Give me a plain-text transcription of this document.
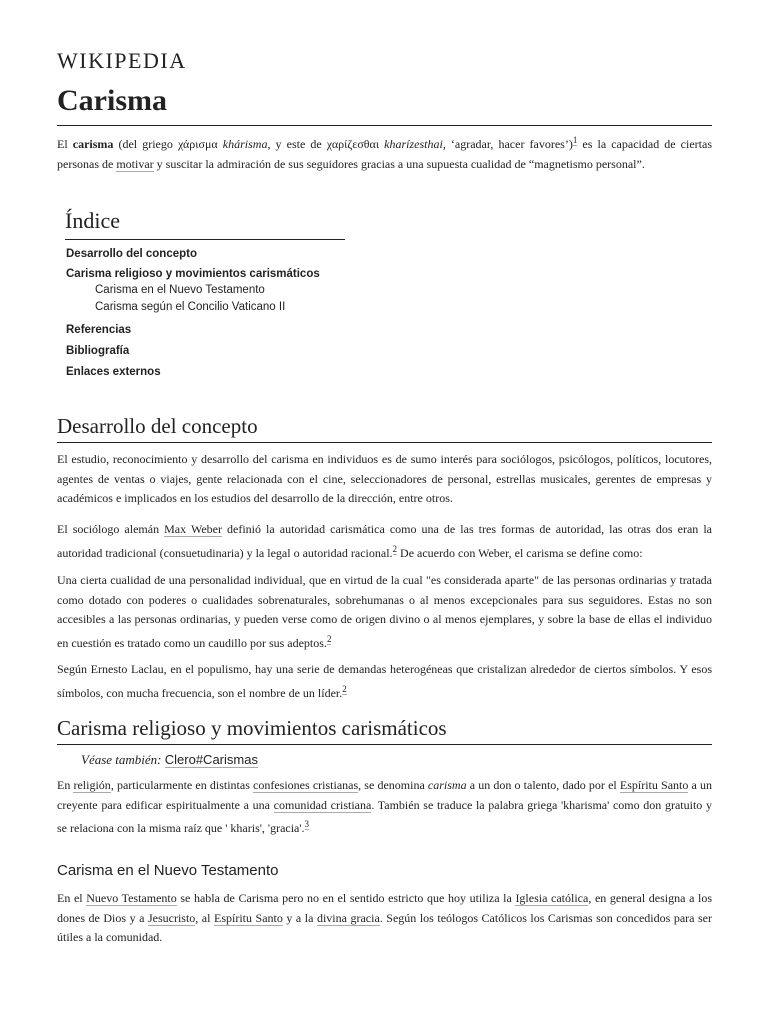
WIKIPEDIA
Carisma

El carisma (del griego χάρισμα khárisma, y este de χαρίζεσθαι kharízesthai, ‘agradar, hacer favores’)$^1$ es la capacidad de ciertas personas de motivar y suscitar la admiración de sus seguidores gracias a una supuesta cualidad de “magnetismo personal”.

Índice
Desarrollo del concepto
Carisma religioso y movimientos carismáticos
Carisma en el Nuevo Testamento
Carisma según el Concilio Vaticano II
Referencias
Bibliografía
Enlaces externos
Desarrollo del concepto

El estudio, reconocimiento y desarrollo del carisma en individuos es de sumo interés para sociólogos, psicólogos, políticos, locutores, agentes de ventas o viajes, gente relacionada con el cine, seleccionadores de personal, estrellas musicales, gerentes de empresas y académicos e implicados en los estudios del desarrollo de la dirección, entre otros.

El sociólogo alemán Max Weber definió la autoridad carismática como una de las tres formas de autoridad, las otras dos eran la autoridad tradicional (consuetudinaria) y la legal o autoridad racional.$^2$ De acuerdo con Weber, el carisma se define como:

Una cierta cualidad de una personalidad individual, que en virtud de la cual "es considerada aparte" de las personas ordinarias y tratada como dotado con poderes o cualidades sobrenaturales, sobrehumanas o al menos excepcionales para sus seguidores. Estas no son accesibles a las personas ordinarias, y pueden verse como de origen divino o al menos ejemplares, y sobre la base de ellas el individuo en cuestión es tratado como un caudillo por sus adeptos.$^2$

Según Ernesto Laclau, en el populismo, hay una serie de demandas heterogéneas que cristalizan alrededor de ciertos símbolos. Y esos símbolos, con mucha frecuencia, son el nombre de un líder.$^2$

Carisma religioso y movimientos carismáticos
Véase también: Clero#Carismas

En religión, particularmente en distintas confesiones cristianas, se denomina carisma a un don o talento, dado por el Espíritu Santo a un creyente para edificar espiritualmente a una comunidad cristiana. También se traduce la palabra griega 'kharisma' como don gratuito y se relaciona con la misma raíz que ' kharis', 'gracia'.$^3$

Carisma en el Nuevo Testamento

En el Nuevo Testamento se habla de Carisma pero no en el sentido estricto que hoy utiliza la Iglesia católica, en general designa a los dones de Dios y a Jesucristo, al Espíritu Santo y a la divina gracia. Según los teólogos Católicos los Carismas son concedidos para ser útiles a la comunidad.
